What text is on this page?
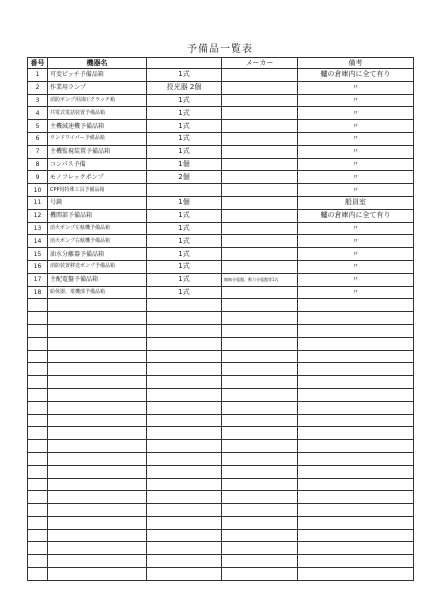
予備品一覧表
番号	機器名		メーカー	備考
1	可変ピッチ予備品箱	1式		艫の倉庫内に全て有り
2	作業用ランプ	投光器 2個		〃
3	消防ポンプ用油圧クラッチ箱	1式		〃
4	共電式電話装置予備品箱	1式		〃
5	主機減速機予備品箱	1式		〃
6	ウンドワイパー予備品箱	1式		〃
7	主機監視装置予備品箱	1式		〃
8	コンパス予備	1個		〃
9	モノフレックポンプ	2個		〃
10	CPP用特殊工具予備品箱			〃
11	号鐘	1個		船員室
12	機関部予備品箱	1式		艫の倉庫内に全て有り
13	消火ポンプ左舷機予備品箱	1式		〃
14	消火ポンプ右舷機予備品箱	1式		〃
15	油水分離器予備品箱	1式		〃
16	消防装置移送ポンプ予備品箱	1式		〃
17	主配電盤予備品箱	1式	無線分電盤、動力分電盤等1式	〃
18	給休器、電機部予備品箱	1式		〃
